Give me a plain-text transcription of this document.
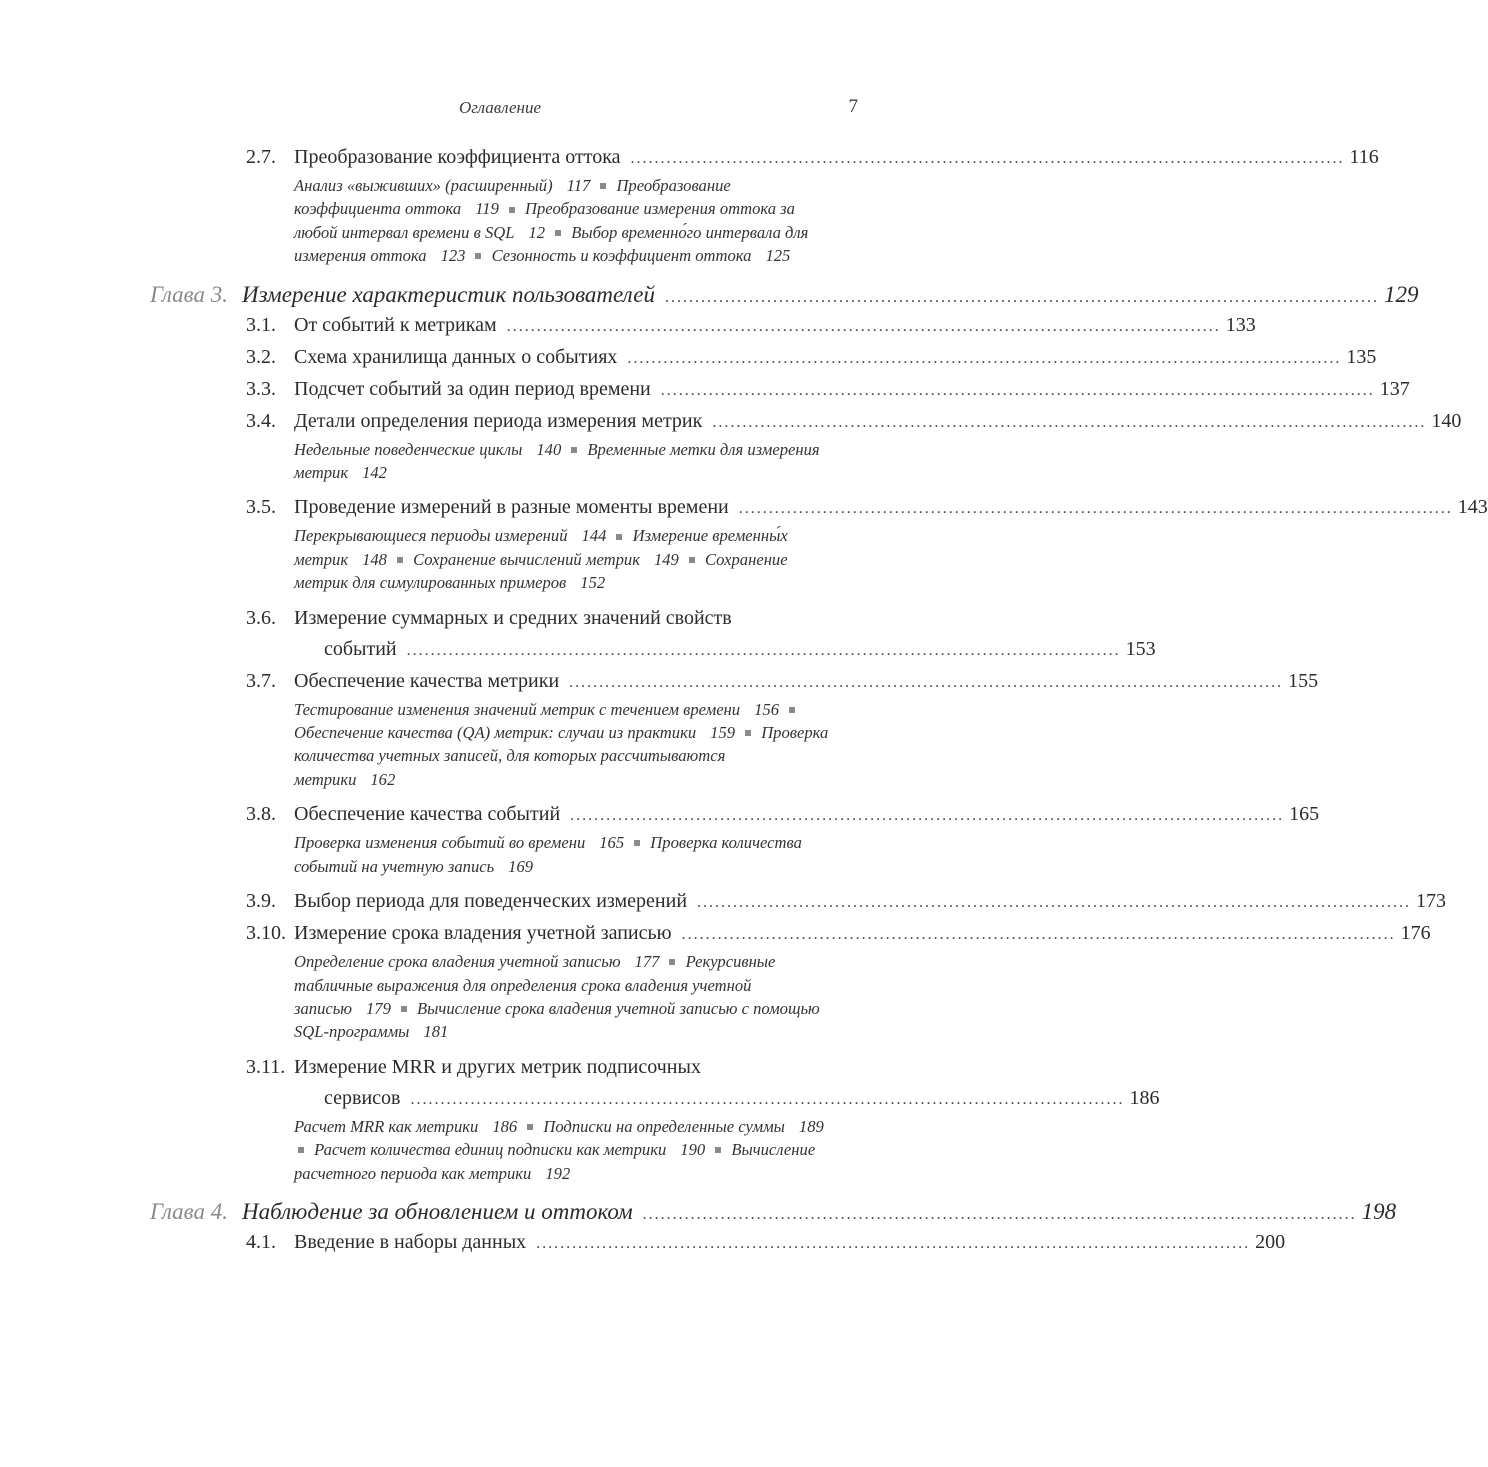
Оглавление	7
2.7. Преобразование коэффициента оттока . . .	116
Анализ «выживших» (расширенный) 117 Преобразование коэффициента оттока 119 Преобразование измерения оттока за любой интервал времени в SQL 12 Выбор временно́го интервала для измерения оттока 123 Сезонность и коэффициент оттока 125
Глава 3. Измерение характеристик пользователей . . .	129
3.1. От событий к метрикам . . .	133
3.2. Схема хранилища данных о событиях . . .	135
3.3. Подсчет событий за один период времени . . .	137
3.4. Детали определения периода измерения метрик . . .	140
Недельные поведенческие циклы 140 Временные метки для измерения метрик 142
3.5. Проведение измерений в разные моменты времени . . .	143
Перекрывающиеся периоды измерений 144 Измерение временны́х метрик 148 Сохранение вычислений метрик 149 Сохранение метрик для симулированных примеров 152
3.6. Измерение суммарных и средних значений свойств
событий . . .	153
3.7. Обеспечение качества метрики . . .	155
Тестирование изменения значений метрик с течением времени 156 Обеспечение качества (QA) метрик: случаи из практики 159 Проверка количества учетных записей, для которых рассчитываются метрики 162
3.8. Обеспечение качества событий . . .	165
Проверка изменения событий во времени 165 Проверка количества событий на учетную запись 169
3.9. Выбор периода для поведенческих измерений . . .	173
3.10. Измерение срока владения учетной записью . . .	176
Определение срока владения учетной записью 177 Рекурсивные табличные выражения для определения срока владения учетной записью 179 Вычисление срока владения учетной записью с помощью SQL-программы 181
3.11. Измерение MRR и других метрик подписочных
сервисов . . .	186
Расчет MRR как метрики 186 Подписки на определенные суммы 189 Расчет количества единиц подписки как метрики 190 Вычисление расчетного периода как метрики 192
Глава 4. Наблюдение за обновлением и оттоком . . .	198
4.1. Введение в наборы данных . . .	200
